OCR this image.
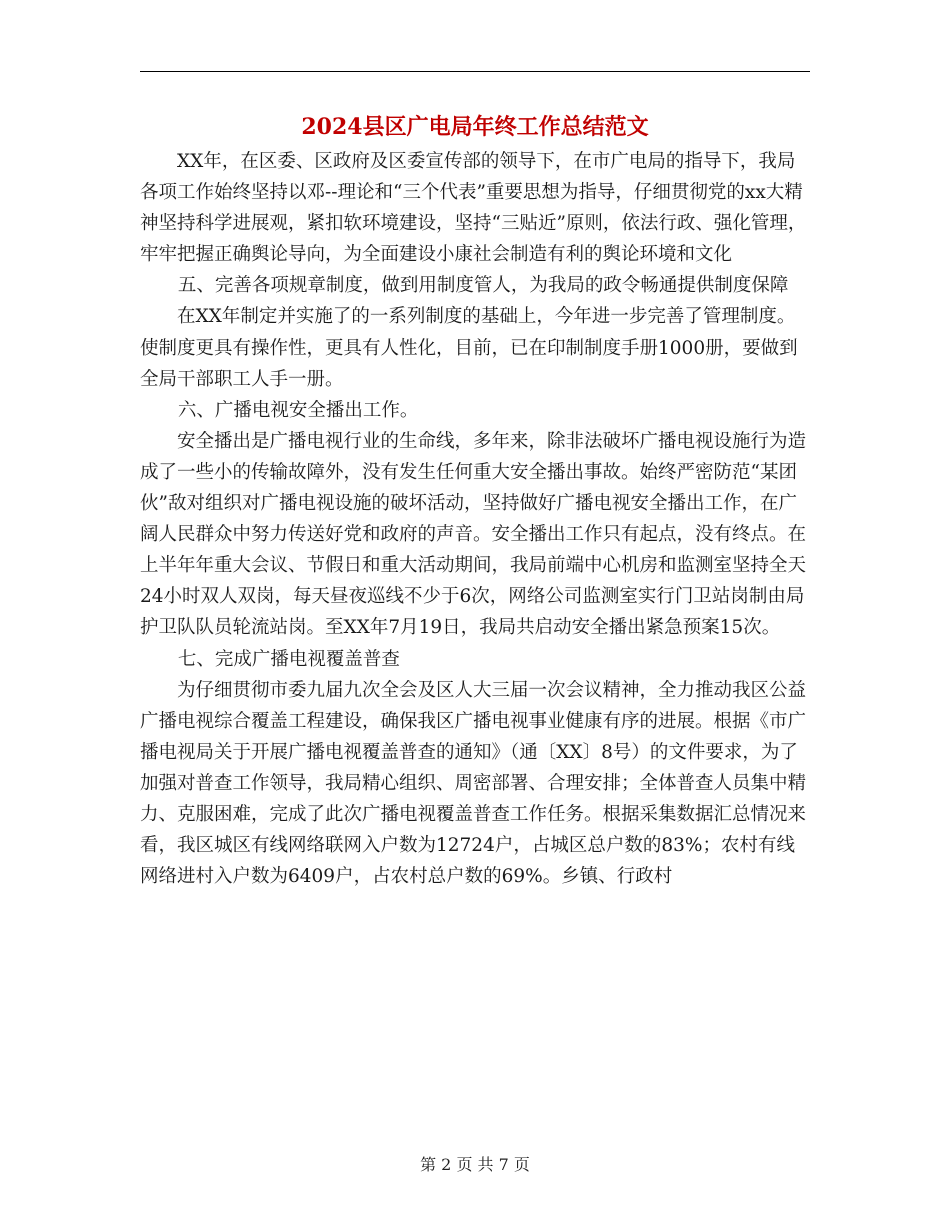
2024县区广电局年终工作总结范文

XX年，在区委、区政府及区委宣传部的领导下，在市广电局的指导下，我局各项工作始终坚持以邓--理论和“三个代表”重要思想为指导，仔细贯彻党的xx大精神坚持科学进展观，紧扣软环境建设，坚持“三贴近”原则，依法行政、强化管理，牢牢把握正确舆论导向，为全面建设小康社会制造有利的舆论环境和文化

五、完善各项规章制度，做到用制度管人，为我局的政令畅通提供制度保障

在XX年制定并实施了的一系列制度的基础上，今年进一步完善了管理制度。使制度更具有操作性，更具有人性化，目前，已在印制制度手册1000册，要做到全局干部职工人手一册。

六、广播电视安全播出工作。

安全播出是广播电视行业的生命线，多年来，除非法破坏广播电视设施行为造成了一些小的传输故障外，没有发生任何重大安全播出事故。始终严密防范“某团伙”敌对组织对广播电视设施的破坏活动，坚持做好广播电视安全播出工作，在广阔人民群众中努力传送好党和政府的声音。安全播出工作只有起点，没有终点。在上半年年重大会议、节假日和重大活动期间，我局前端中心机房和监测室坚持全天24小时双人双岗，每天昼夜巡线不少于6次，网络公司监测室实行门卫站岗制由局护卫队队员轮流站岗。至XX年7月19日，我局共启动安全播出紧急预案15次。

七、完成广播电视覆盖普查

为仔细贯彻市委九届九次全会及区人大三届一次会议精神，全力推动我区公益广播电视综合覆盖工程建设，确保我区广播电视事业健康有序的进展。根据《市广播电视局关于开展广播电视覆盖普查的通知》（通〔XX〕8号）的文件要求，为了加强对普查工作领导，我局精心组织、周密部署、合理安排；全体普查人员集中精力、克服困难，完成了此次广播电视覆盖普查工作任务。根据采集数据汇总情况来看，我区城区有线网络联网入户数为12724户，占城区总户数的83%；农村有线网络进村入户数为6409户，占农村总户数的69%。乡镇、行政村

第 2 页 共 7 页
